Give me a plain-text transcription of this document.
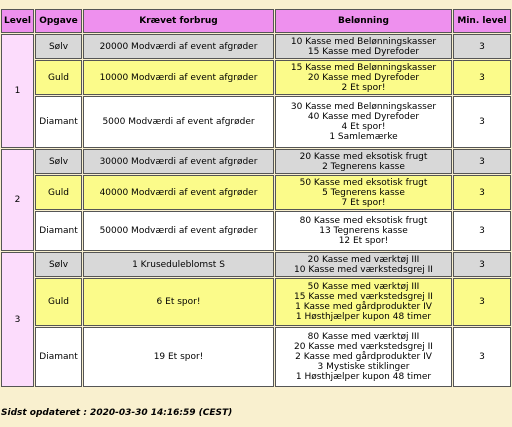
Level	Opgave	Krævet forbrug	Belønning	Min. level
1	Sølv	20000 Modværdi af event afgrøder	10 Kasse med Belønningskasser
15 Kasse med Dyrefoder	3
	Guld	10000 Modværdi af event afgrøder	15 Kasse med Belønningskasser
20 Kasse med Dyrefoder
2 Et spor!	3
	Diamant	5000 Modværdi af event afgrøder	30 Kasse med Belønningskasser
40 Kasse med Dyrefoder
4 Et spor!
1 Samlemærke	3
2	Sølv	30000 Modværdi af event afgrøder	20 Kasse med eksotisk frugt
2 Tegnerens kasse	3
	Guld	40000 Modværdi af event afgrøder	50 Kasse med eksotisk frugt
5 Tegnerens kasse
7 Et spor!	3
	Diamant	50000 Modværdi af event afgrøder	80 Kasse med eksotisk frugt
13 Tegnerens kasse
12 Et spor!	3
3	Sølv	1 Kruseduleblomst S	20 Kasse med værktøj III
10 Kasse med værkstedsgrej II	3
	Guld	6 Et spor!	50 Kasse med værktøj III
15 Kasse med værkstedsgrej II
1 Kasse med gårdprodukter IV
1 Høsthjælper kupon 48 timer	3
	Diamant	19 Et spor!	80 Kasse med værktøj III
20 Kasse med værkstedsgrej II
2 Kasse med gårdprodukter IV
3 Mystiske stiklinger
1 Høsthjælper kupon 48 timer	3
Sidst opdateret : 2020-03-30 14:16:59 (CEST)
